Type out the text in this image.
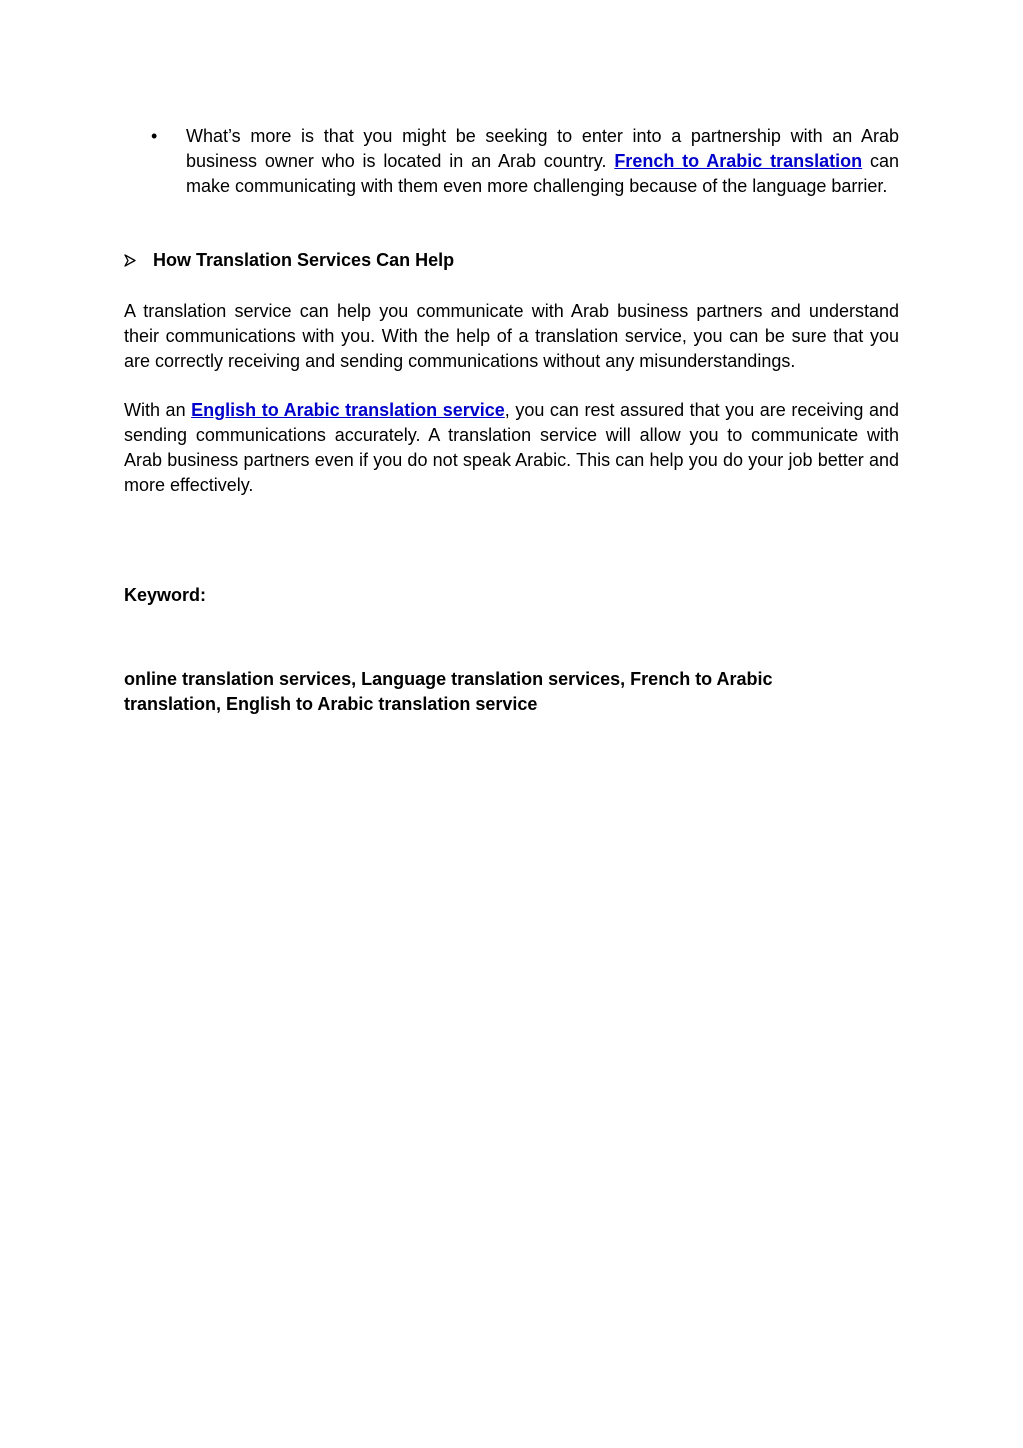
•	What’s more is that you might be seeking to enter into a partnership with an Arab business owner who is located in an Arab country. French to Arabic translation can make communicating with them even more challenging because of the language barrier.
How Translation Services Can Help
A translation service can help you communicate with Arab business partners and understand their communications with you. With the help of a translation service, you can be sure that you are correctly receiving and sending communications without any misunderstandings.
With an English to Arabic translation service, you can rest assured that you are receiving and sending communications accurately. A translation service will allow you to communicate with Arab business partners even if you do not speak Arabic. This can help you do your job better and more effectively.
Keyword:
online translation services, Language translation services, French to Arabic translation, English to Arabic translation service
